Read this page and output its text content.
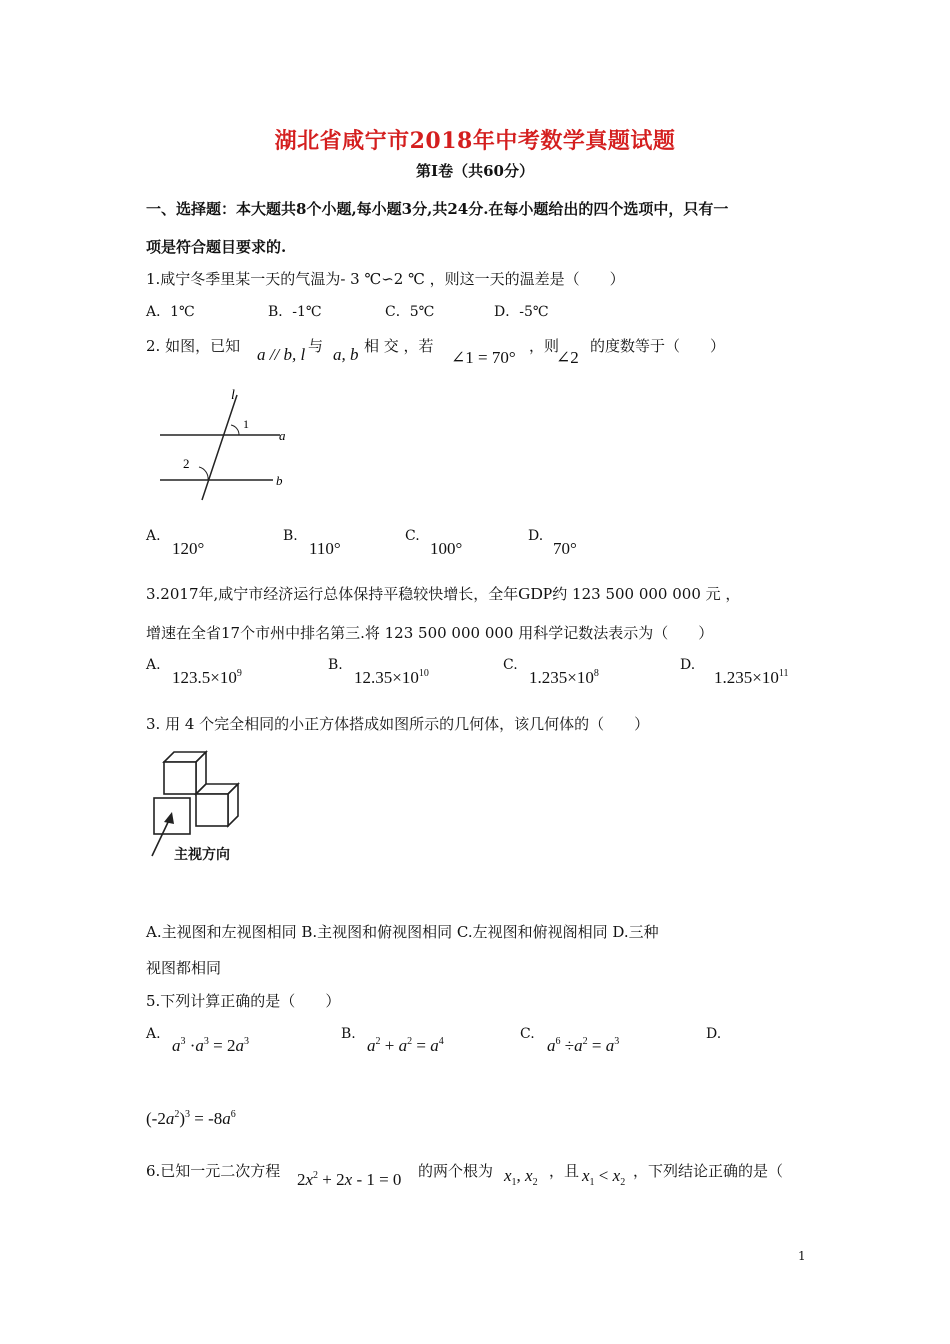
湖北省咸宁市2018年中考数学真题试题
第Ⅰ卷（共60分）
一、选择题：本大题共8个小题,每小题3分,共24分.在每小题给出的四个选项中，只有一
项是符合题目要求的.
1.咸宁冬季里某一天的气温为- 3 ℃∽2 ℃ ，则这一天的温差是（　　）
A．1℃	B．-1℃	C．5℃	D．-5℃
2. 如图，已知 a // b, l 与 a, b 相 交 ，若
∠1 = 70°
，则
∠2
的度数等于（　　）
l
1
a
2
b
A.
120°
B.
110°
C.
100°
D.
70°
3.2017年,咸宁市经济运行总体保持平稳较快增长，全年GDP约 123 500 000 000 元 ，
增速在全省17个市州中排名第三.将 123 500 000 000 用科学记数法表示为（　　）
A.
$123.5\times 10^9$
B.
$12.35\times 10^{10}$
C.
$1.235\times 10^8$
D.
$1.235\times 10^{11}$
3. 用 4 个完全相同的小正方体搭成如图所示的几何体，该几何体的（　　）
主视方向
A.主视图和左视图相同 B.主视图和俯视图相同 C.左视图和俯视阁相同 D.三种
视图都相同
5.下列计算正确的是（　　）
A.
$a^3 \cdot a^3 = 2a^3$	B.
$a^2 + a^2 = a^4$	C.
$a^6 \div a^2 = a^3$	D.
$(-2a^2)^3 = -8a^6$
6.已知一元二次方程 $2x^2 + 2x - 1 = 0$ 的两个根为 $x_1$, $x_2$
，且 $x_1 < x_2$
，下列结论正确的是（
1
